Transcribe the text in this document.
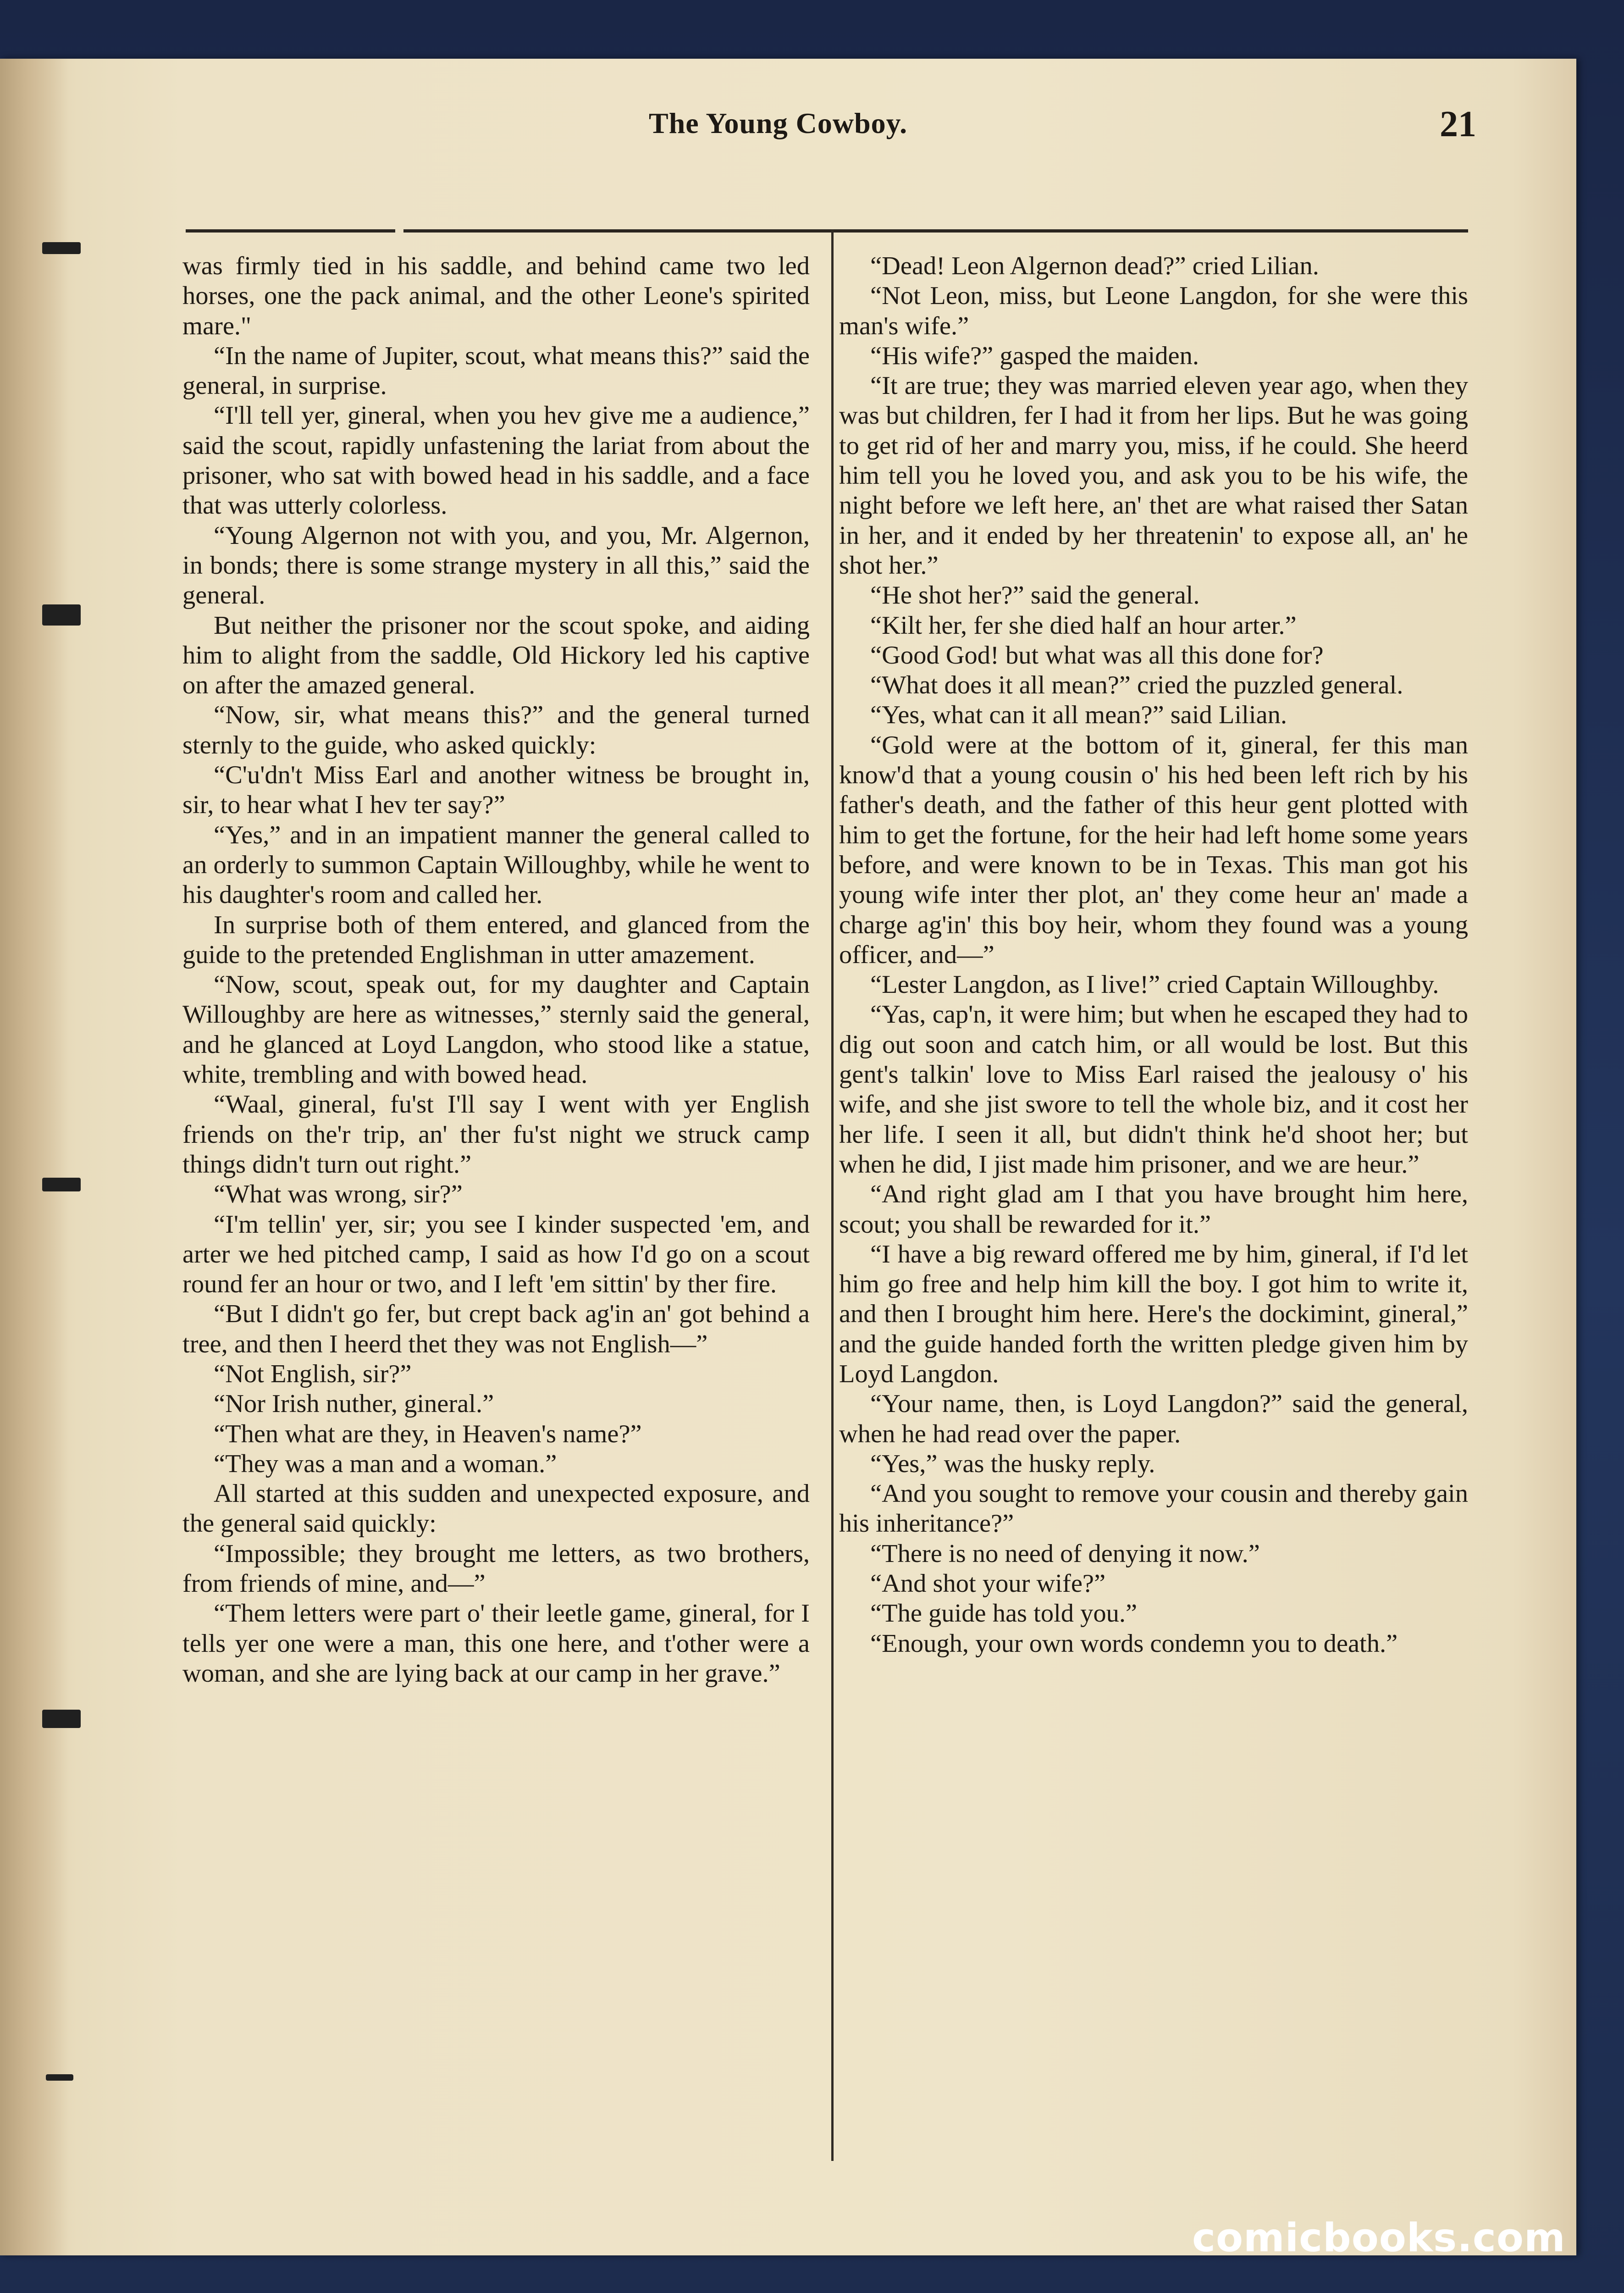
The Young Cowboy.	21

was firmly tied in his saddle, and behind came two led horses, one the pack animal, and the other Leone's spirited mare."

“In the name of Jupiter, scout, what means this?” said the general, in surprise.

“I'll tell yer, gineral, when you hev give me a audience,” said the scout, rapidly unfastening the lariat from about the prisoner, who sat with bowed head in his saddle, and a face that was utterly colorless.

“Young Algernon not with you, and you, Mr. Algernon, in bonds; there is some strange mystery in all this,” said the general.

But neither the prisoner nor the scout spoke, and aiding him to alight from the saddle, Old Hickory led his captive on after the amazed general.

“Now, sir, what means this?” and the general turned sternly to the guide, who asked quickly:

“C'u'dn't Miss Earl and another witness be brought in, sir, to hear what I hev ter say?”

“Yes,” and in an impatient manner the general called to an orderly to summon Captain Willoughby, while he went to his daughter's room and called her.

In surprise both of them entered, and glanced from the guide to the pretended Englishman in utter amazement.

“Now, scout, speak out, for my daughter and Captain Willoughby are here as witnesses,” sternly said the general, and he glanced at Loyd Langdon, who stood like a statue, white, trembling and with bowed head.

“Waal, gineral, fu'st I'll say I went with yer English friends on the'r trip, an' ther fu'st night we struck camp things didn't turn out right.”

“What was wrong, sir?”

“I'm tellin' yer, sir; you see I kinder suspected 'em, and arter we hed pitched camp, I said as how I'd go on a scout round fer an hour or two, and I left 'em sittin' by ther fire.

“But I didn't go fer, but crept back ag'in an' got behind a tree, and then I heerd thet they was not English—”

“Not English, sir?”

“Nor Irish nuther, gineral.”

“Then what are they, in Heaven's name?”

“They was a man and a woman.”

All started at this sudden and unexpected exposure, and the general said quickly:

“Impossible; they brought me letters, as two brothers, from friends of mine, and—”

“Them letters were part o' their leetle game, gineral, for I tells yer one were a man, this one here, and t'other were a woman, and she are lying back at our camp in her grave.”

“Dead! Leon Algernon dead?” cried Lilian.

“Not Leon, miss, but Leone Langdon, for she were this man's wife.”

“His wife?” gasped the maiden.

“It are true; they was married eleven year ago, when they was but children, fer I had it from her lips. But he was going to get rid of her and marry you, miss, if he could. She heerd him tell you he loved you, and ask you to be his wife, the night before we left here, an' thet are what raised ther Satan in her, and it ended by her threatenin' to expose all, an' he shot her.”

“He shot her?” said the general.

“Kilt her, fer she died half an hour arter.”

“Good God! but what was all this done for?

“What does it all mean?” cried the puzzled general.

“Yes, what can it all mean?” said Lilian.

“Gold were at the bottom of it, gineral, fer this man know'd that a young cousin o' his hed been left rich by his father's death, and the father of this heur gent plotted with him to get the fortune, for the heir had left home some years before, and were known to be in Texas. This man got his young wife inter ther plot, an' they come heur an' made a charge ag'in' this boy heir, whom they found was a young officer, and—”

“Lester Langdon, as I live!” cried Captain Willoughby.

“Yas, cap'n, it were him; but when he escaped they had to dig out soon and catch him, or all would be lost. But this gent's talkin' love to Miss Earl raised the jealousy o' his wife, and she jist swore to tell the whole biz, and it cost her her life. I seen it all, but didn't think he'd shoot her; but when he did, I jist made him prisoner, and we are heur.”

“And right glad am I that you have brought him here, scout; you shall be rewarded for it.”

“I have a big reward offered me by him, gineral, if I'd let him go free and help him kill the boy. I got him to write it, and then I brought him here. Here's the dockimint, gineral,” and the guide handed forth the written pledge given him by Loyd Langdon.

“Your name, then, is Loyd Langdon?” said the general, when he had read over the paper.

“Yes,” was the husky reply.

“And you sought to remove your cousin and thereby gain his inheritance?”

“There is no need of denying it now.”

“And shot your wife?”

“The guide has told you.”

“Enough, your own words condemn you to death.”

comicbooks.com
